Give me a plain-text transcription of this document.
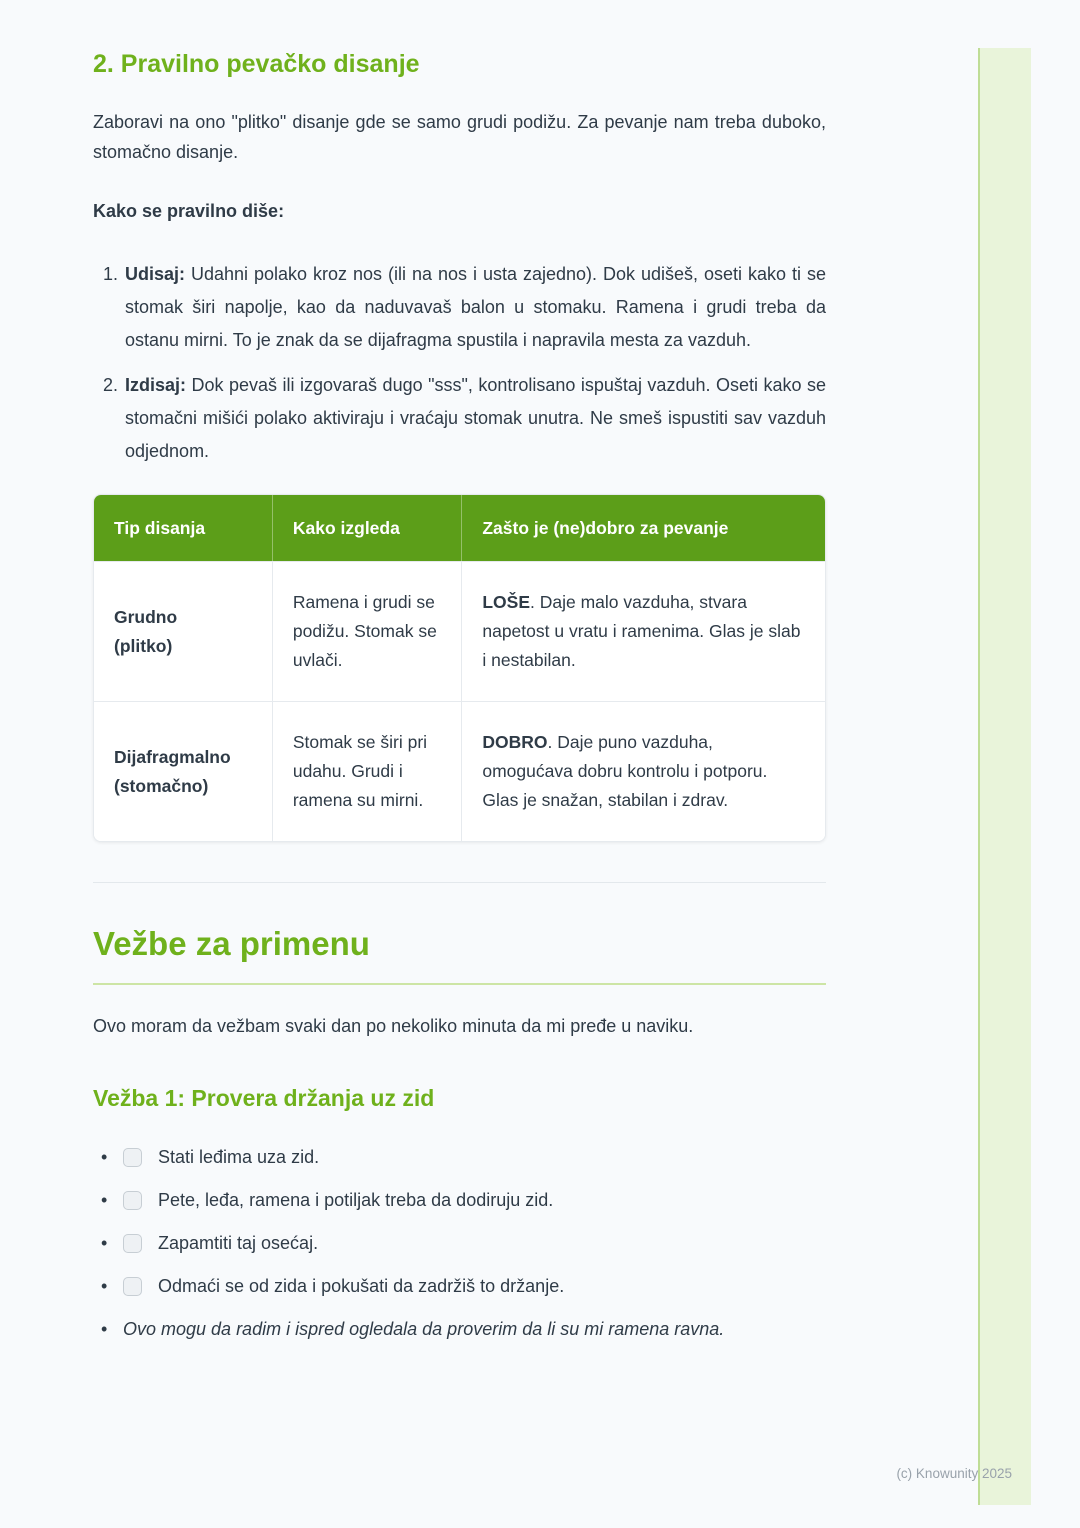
2. Pravilno pevačko disanje

Zaboravi na ono "plitko" disanje gde se samo grudi podižu. Za pevanje nam treba duboko, stomačno disanje.

Kako se pravilno diše:
1. Udisaj: Udahni polako kroz nos (ili na nos i usta zajedno). Dok udišeš, oseti kako ti se stomak širi napolje, kao da naduvavaš balon u stomaku. Ramena i grudi treba da ostanu mirni. To je znak da se dijafragma spustila i napravila mesta za vazduh.

2. Izdisaj: Dok pevaš ili izgovaraš dugo "sss", kontrolisano ispuštaj vazduh. Oseti kako se stomačni mišići polako aktiviraju i vraćaju stomak unutra. Ne smeš ispustiti sav vazduh odjednom.

Tip disanja	Kako izgleda	Zašto je (ne)dobro za pevanje

Grudno
(plitko)	Ramena i grudi se podižu. Stomak se uvlači.	LOŠE. Daje malo vazduha, stvara napetost u vratu i ramenima. Glas je slab i nestabilan.

Dijafragmalno
(stomačno)	Stomak se širi pri udahu. Grudi i ramena su mirni.	DOBRO. Daje puno vazduha, omogućava dobru kontrolu i potporu. Glas je snažan, stabilan i zdrav.
Vežbe za primenu

Ovo moram da vežbam svaki dan po nekoliko minuta da mi pređe u naviku.

Vežba 1: Provera držanja uz zid
•	Stati leđima uza zid.
•	Pete, leđa, ramena i potiljak treba da dodiruju zid.
•	Zapamtiti taj osećaj.
•	Odmaći se od zida i pokušati da zadržiš to držanje.
• Ovo mogu da radim i ispred ogledala da proverim da li su mi ramena ravna.
(c) Knowunity 2025
